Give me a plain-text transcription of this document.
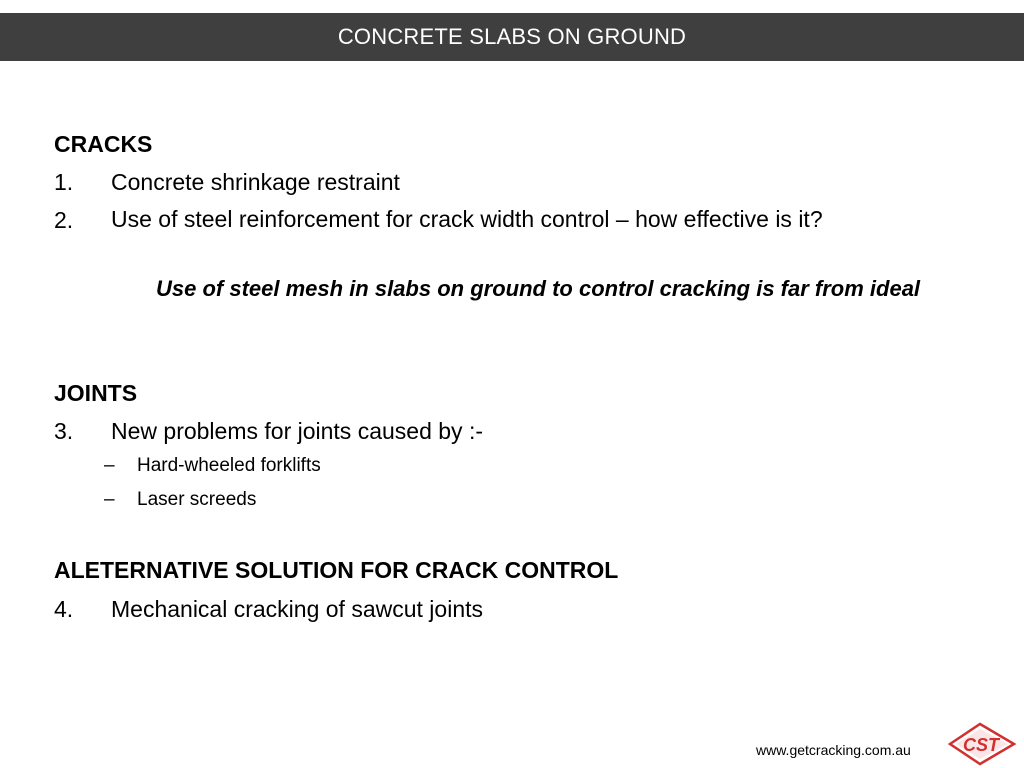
CONCRETE SLABS ON GROUND
CRACKS
1. Concrete shrinkage restraint
2. Use of steel reinforcement for crack width control – how effective is it?
Use of steel mesh in slabs on ground to control cracking is far from ideal
JOINTS
3. New problems for joints caused by :-
– Hard-wheeled forklifts
– Laser screeds
ALETERNATIVE SOLUTION FOR CRACK CONTROL
4. Mechanical cracking of sawcut joints
www.getcracking.com.au	CST
